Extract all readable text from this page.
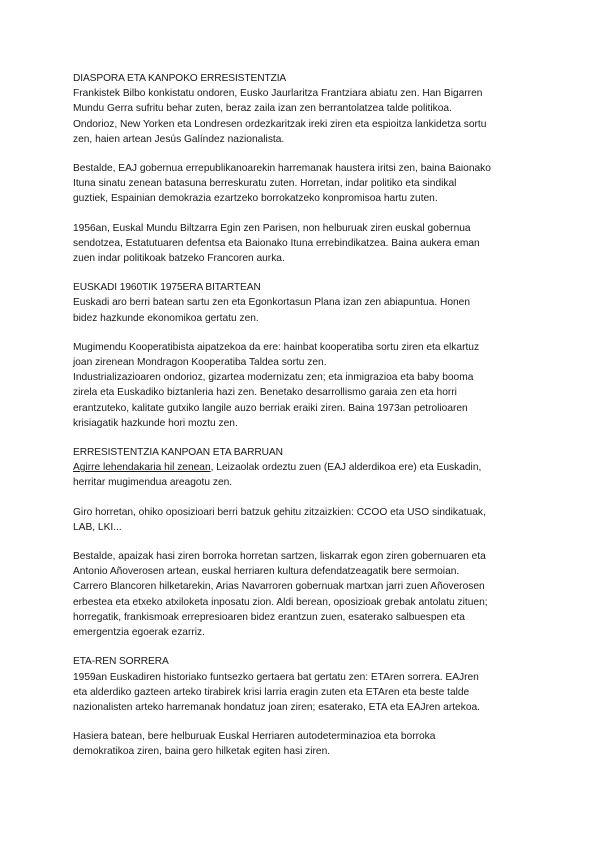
DIASPORA ETA KANPOKO ERRESISTENTZIA
Frankistek Bilbo konkistatu ondoren, Eusko Jaurlaritza Frantziara abiatu zen. Han Bigarren
Mundu Gerra sufritu behar zuten, beraz zaila izan zen berrantolatzea talde politikoa.
Ondorioz, New Yorken eta Londresen ordezkaritzak ireki ziren eta espioitza lankidetza sortu
zen, haien artean Jesús Galíndez nazionalista.
Bestalde, EAJ gobernua errepublikanoarekin harremanak haustera iritsi zen, baina Baionako
Ituna sinatu zenean batasuna berreskuratu zuten. Horretan, indar politiko eta sindikal
guztiek, Espainian demokrazia ezartzeko borrokatzeko konpromisoa hartu zuten.
1956an, Euskal Mundu Biltzarra Egin zen Parisen, non helburuak ziren euskal gobernua
sendotzea, Estatutuaren defentsa eta Baionako Ituna errebindikatzea. Baina aukera eman
zuen indar politikoak batzeko Francoren aurka.
EUSKADI 1960TIK 1975ERA BITARTEAN
Euskadi aro berri batean sartu zen eta Egonkortasun Plana izan zen abiapuntua. Honen
bidez hazkunde ekonomikoa gertatu zen.
Mugimendu Kooperatibista aipatzekoa da ere: hainbat kooperatiba sortu ziren eta elkartuz
joan zirenean Mondragon Kooperatiba Taldea sortu zen.
Industrializazioaren ondorioz, gizartea modernizatu zen; eta inmigrazioa eta baby booma
zirela eta Euskadiko biztanleria hazi zen. Benetako desarrollismo garaia zen eta horri
erantzuteko, kalitate gutxiko langile auzo berriak eraiki ziren. Baina 1973an petrolioaren
krisiagatik hazkunde hori moztu zen.
ERRESISTENTZIA KANPOAN ETA BARRUAN
Agirre lehendakaria hil zenean, Leizaolak ordeztu zuen (EAJ alderdikoa ere) eta Euskadin,
herritar mugimendua areagotu zen.
Giro horretan, ohiko oposizioari berri batzuk gehitu zitzaizkien: CCOO eta USO sindikatuak,
LAB, LKI...
Bestalde, apaizak hasi ziren borroka horretan sartzen, liskarrak egon ziren gobernuaren eta
Antonio Añoverosen artean, euskal herriaren kultura defendatzeagatik bere sermoian.
Carrero Blancoren hilketarekin, Arias Navarroren gobernuak martxan jarri zuen Añoverosen
erbestea eta etxeko atxiloketa inposatu zion. Aldi berean, oposizioak grebak antolatu zituen;
horregatik, frankismoak errepresioaren bidez erantzun zuen, esaterako salbuespen eta
emergentzia egoerak ezarriz.
ETA-REN SORRERA
1959an Euskadiren historiako funtsezko gertaera bat gertatu zen: ETAren sorrera. EAJren
eta alderdiko gazteen arteko tirabirek krisi larria eragin zuten eta ETAren eta beste talde
nazionalisten arteko harremanak hondatuz joan ziren; esaterako, ETA eta EAJren artekoa.
Hasiera batean, bere helburuak Euskal Herriaren autodeterminazioa eta borroka
demokratikoa ziren, baina gero hilketak egiten hasi ziren.
